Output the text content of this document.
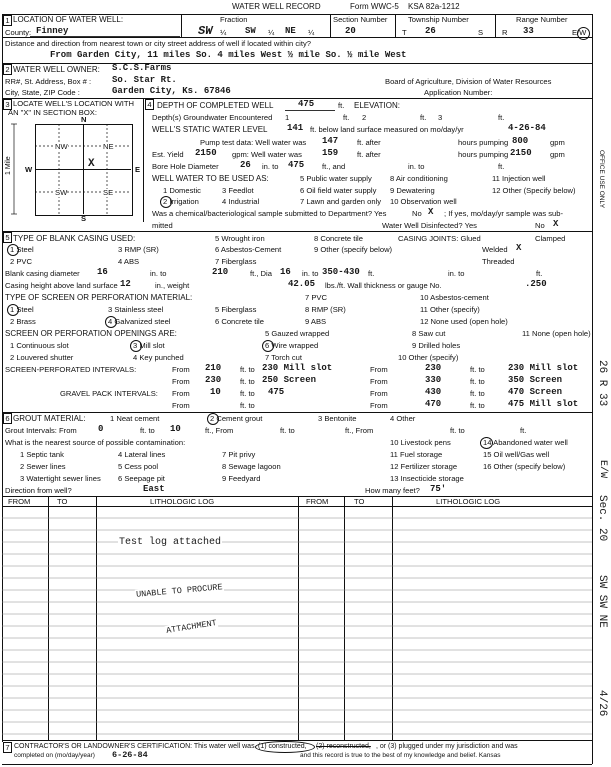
WATER WELL RECORD	Form WWC-5 KSA 82a-1212
1 LOCATION OF WATER WELL:
County: Finney
Fraction
SW ¼ SW ¼ NE ¼
Section Number
20
Township Number
T 26	S
Range Number
R 33	E/W
Distance and direction from nearest town or city street address of well if located within city?
From Garden City, 11 miles So. 4 miles West ½ mile So. ½ mile West
2 WATER WELL OWNER: S.C.S.Farms
RR#, St. Address, Box # : So. Star Rt.
City, State, ZIP Code :	Garden City, Ks. 67846
Board of Agriculture, Division of Water Resources
Application Number:
3 LOCATE WELL'S LOCATION WITH
AN "X" IN SECTION BOX:
N
S
W	E
NW	NE
SW	SE
X
1 Mile
4 DEPTH OF COMPLETED WELL	475	ft. ELEVATION:
Depth(s) Groundwater Encountered 1	ft. 2	ft. 3	ft.
WELL'S STATIC WATER LEVEL 141 ft. below land surface measured on mo/day/yr	4-26-84
Pump test data: Well water was 147 ft. after	hours pumping 800	gpm
Est. Yield 2150 gpm: Well water was 159 ft. after	hours pumping 2150 gpm
Bore Hole Diameter 26 in. to 475 ft., and	in. to	ft.
WELL WATER TO BE USED AS:	5 Public water supply 8 Air conditioning	11 Injection well
1 Domestic	3 Feedlot	6 Oil field water supply 9 Dewatering	12 Other (Specify below)
2 Irrigation	4 Industrial	7 Lawn and garden only 10 Observation well
Was a chemical/bacteriological sample submitted to Department? Yes	No X ; If yes, mo/day/yr sample was sub-
mitted	Water Well Disinfected? Yes	No X
5 TYPE OF BLANK CASING USED:	5 Wrought iron	8 Concrete tile	CASING JOINTS: Glued	Clamped
1 Steel	3 RMP (SR)	6 Asbestos-Cement	9 Other (specify below)	Welded X
2 PVC	4 ABS	7 Fiberglass	Threaded
Blank casing diameter 16	in. to	210	ft., Dia 16 in. to 350-430 ft.	in. to	ft.
Casing height above land surface 12	in., weight	42.05 lbs./ft. Wall thickness or gauge No.	.250
TYPE OF SCREEN OR PERFORATION MATERIAL:	7 PVC	10 Asbestos-cement
1 Steel	3 Stainless steel	5 Fiberglass	8 RMP (SR)	11 Other (specify)
2 Brass	4 Galvanized steel	6 Concrete tile	9 ABS	12 None used (open hole)
SCREEN OR PERFORATION OPENINGS ARE:	5 Gauzed wrapped	8 Saw cut	11 None (open hole)
1 Continuous slot	3 Mill slot	6 Wire wrapped	9 Drilled holes
2 Louvered shutter	4 Key punched	7 Torch cut	10 Other (specify)
SCREEN-PERFORATED INTERVALS:	From 210 ft. to 230 Mill slot	From	230	ft. to	230 Mill slot
From 230 ft. to 250 Screen	From	330	ft. to	350 Screen
GRAVEL PACK INTERVALS: From 10	ft. to 475	From	430	ft. to	470 Screen
From	ft. to	From	470	ft. to	475 Mill slot
6 GROUT MATERIAL:	1 Neat cement	2 Cement grout	3 Bentonite	4 Other
Grout Intervals: From 0	ft. to 10	ft., From	ft. to	ft., From	ft. to	ft.
What is the nearest source of possible contamination:	10 Livestock pens	14 Abandoned water well
1 Septic tank	4 Lateral lines	7 Pit privy	11 Fuel storage	15 Oil well/Gas well
2 Sewer lines	5 Cess pool	8 Sewage lagoon	12 Fertilizer storage	16 Other (specify below)
3 Watertight sewer lines 6 Seepage pit	9 Feedyard	13 Insecticide storage
Direction from well?	East	How many feet? 75'
FROM	TO	LITHOLOGIC LOG	FROM	TO	LITHOLOGIC LOG
Test log attached
UNABLE TO PROCURE
ATTACHMENT
7 CONTRACTOR'S OR LANDOWNER'S CERTIFICATION: This water well was (1) constructed, (2) reconstructed, , or (3) plugged under my jurisdiction and was
completed on (mo/day/year) 6-26-84	and this record is true to the best of my knowledge and belief. Kansas
OFFICE USE ONLY
26 R 33
E/W
Sec. 20
SW SW NE
4/26
